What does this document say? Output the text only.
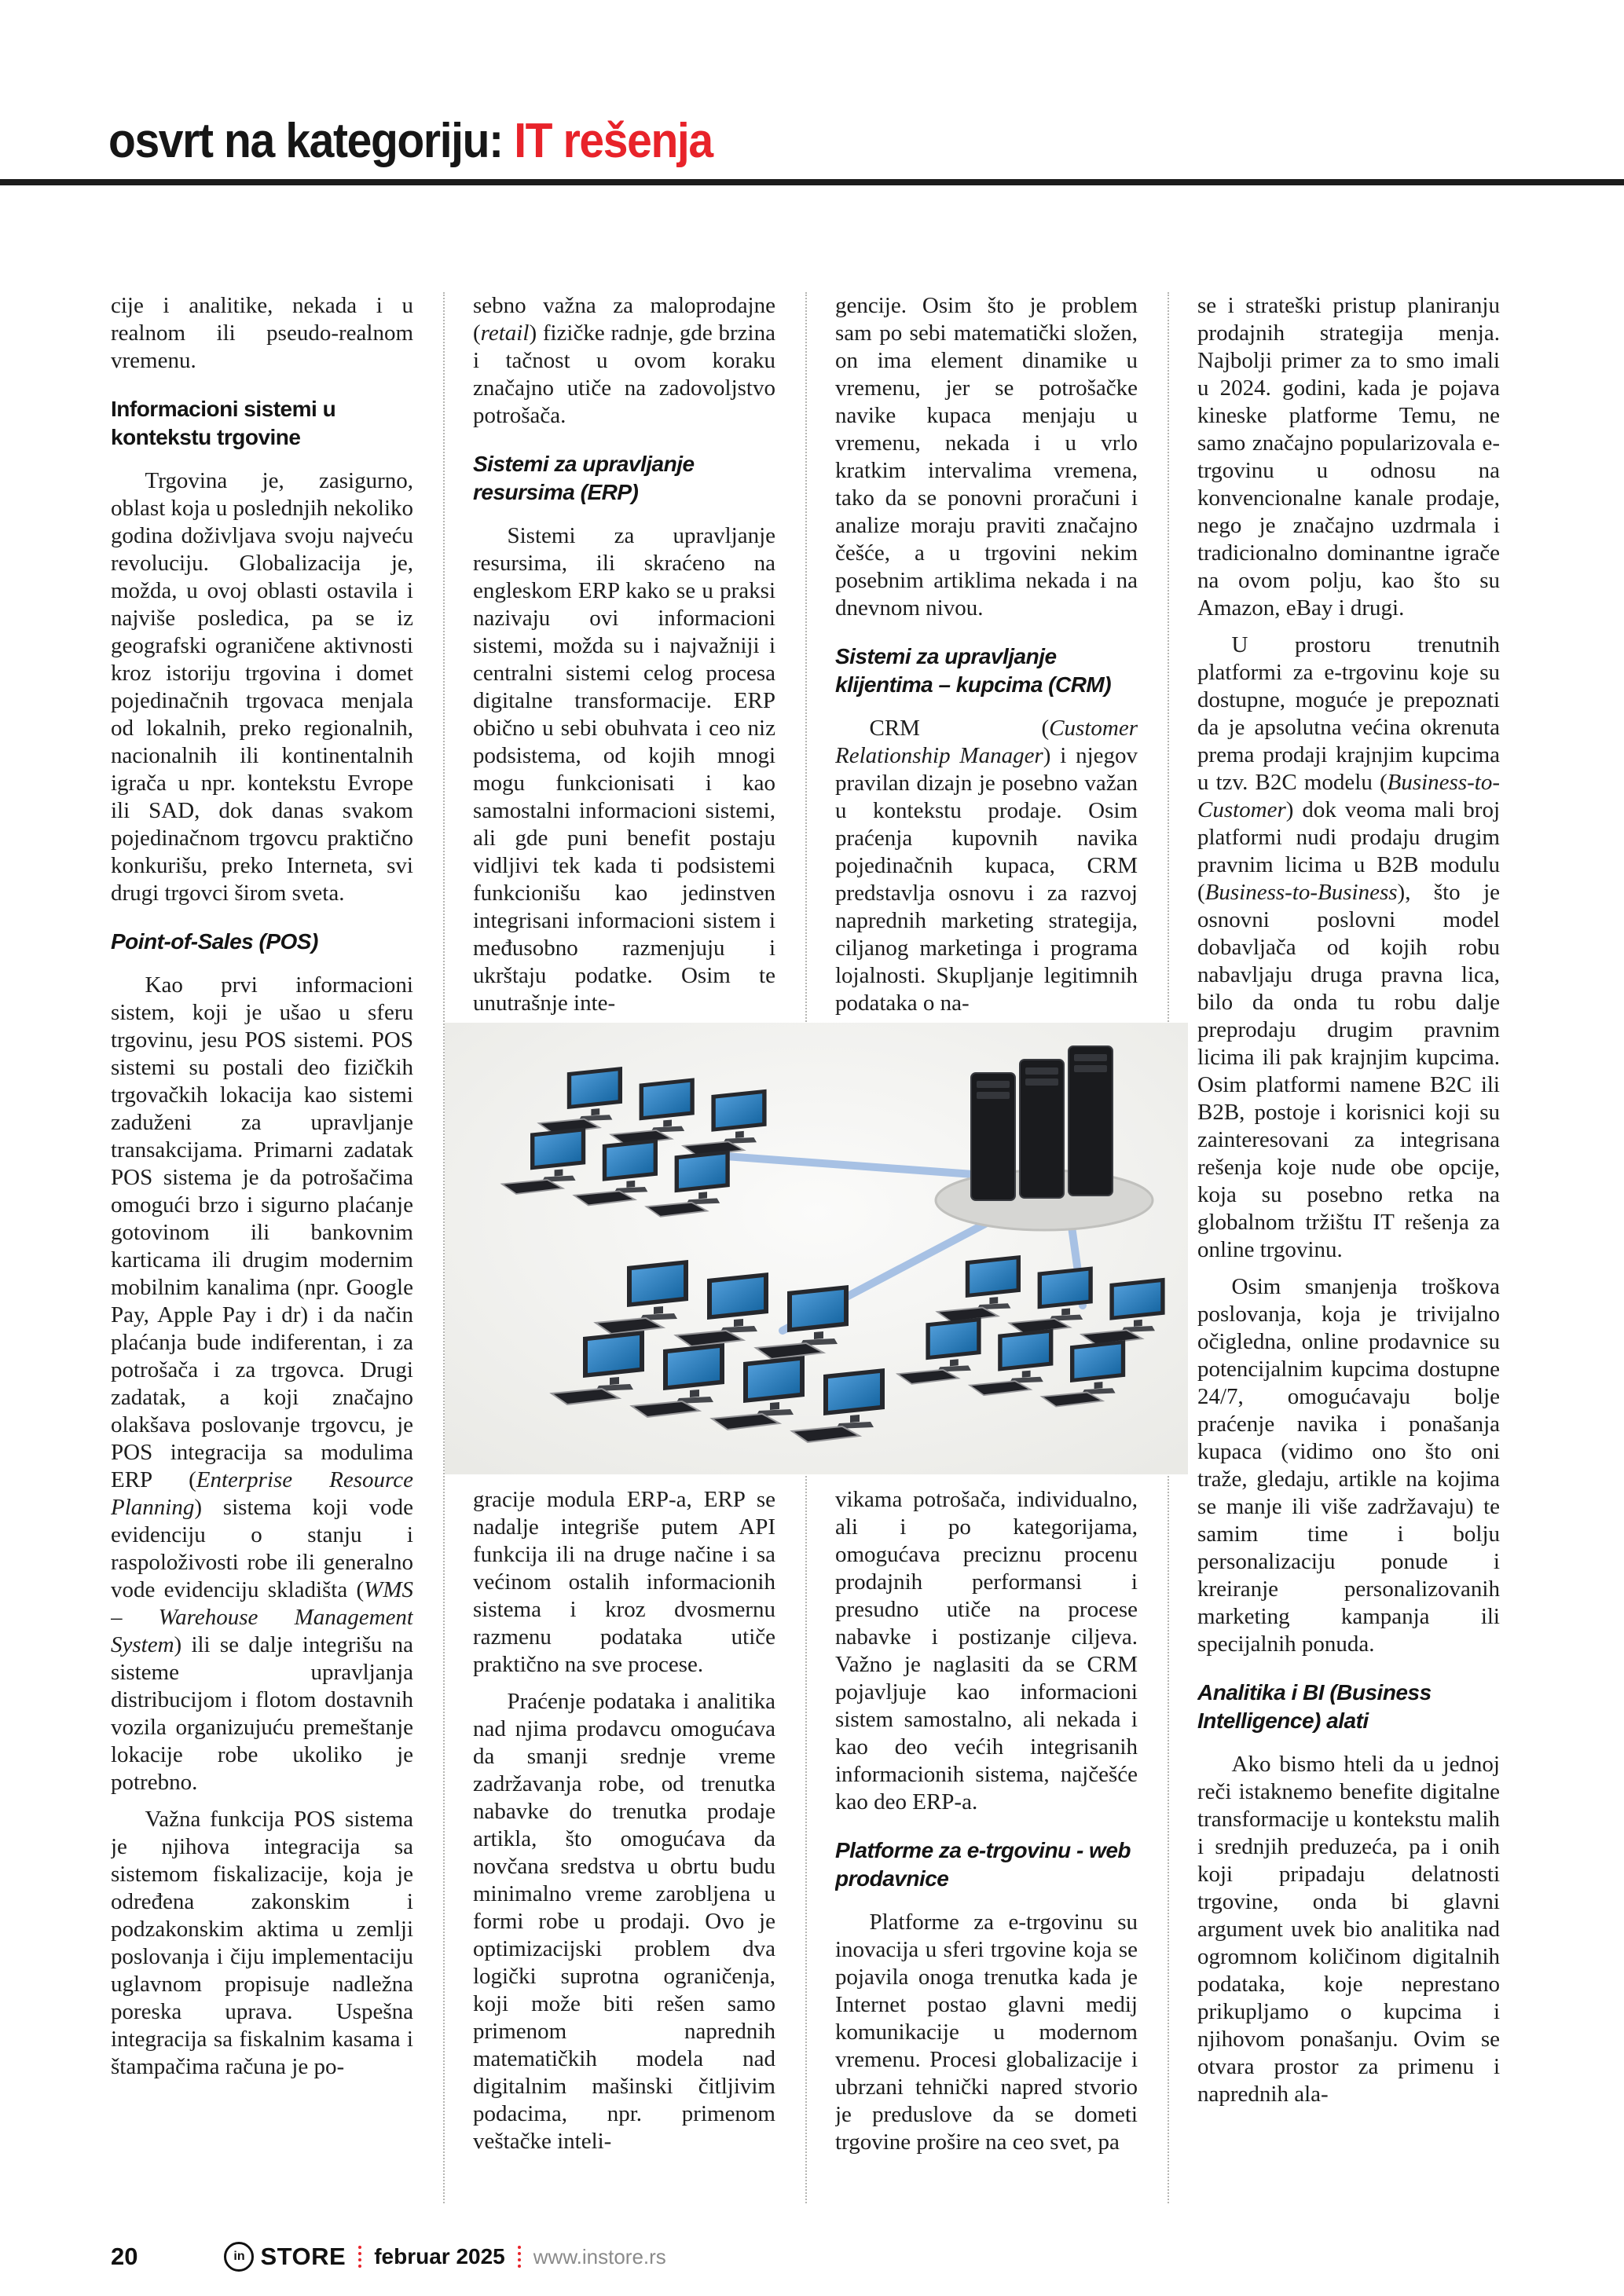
osvrt na kategoriju: IT rešenja

cije i analitike, nekada i u realnom ili pseudo-realnom vremenu.

Informacioni sistemi u kontekstu trgovine

Trgovina je, zasigurno, oblast koja u poslednjih nekoliko godina doživljava svoju najveću revoluciju. Globalizacija je, možda, u ovoj oblasti ostavila i najviše posledica, pa se iz geografski ograničene aktivnosti kroz istoriju trgovina i domet pojedinačnih trgovaca menjala od lokalnih, preko regionalnih, nacionalnih ili kontinentalnih igrača u npr. kontekstu Evrope ili SAD, dok danas svakom pojedinačnom trgovcu praktično konkurišu, preko Interneta, svi drugi trgovci širom sveta.

Point-of-Sales (POS)

Kao prvi informacioni sistem, koji je ušao u sferu trgovinu, jesu POS sistemi. POS sistemi su postali deo fizičkih trgovačkih lokacija kao sistemi zaduženi za upravljanje transakcijama. Primarni zadatak POS sistema je da potrošačima omogući brzo i sigurno plaćanje gotovinom ili bankovnim karticama ili drugim modernim mobilnim kanalima (npr. Google Pay, Apple Pay i dr) i da način plaćanja bude indiferentan, i za potrošača i za trgovca. Drugi zadatak, a koji značajno olakšava poslovanje trgovcu, je POS integracija sa modulima ERP (Enterprise Resource Planning) sistema koji vode evidenciju o stanju i raspoloživosti robe ili generalno vode evidenciju skladišta (WMS – Warehouse Management System) ili se dalje integrišu na sisteme upravljanja distribucijom i flotom dostavnih vozila organizujuću premeštanje lokacije robe ukoliko je potrebno.

Važna funkcija POS sistema je njihova integracija sa sistemom fiskalizacije, koja je određena zakonskim i podzakonskim aktima u zemlji poslovanja i čiju implementaciju uglavnom propisuje nadležna poreska uprava. Uspešna integracija sa fiskalnim kasama i štampačima računa je po-

sebno važna za maloprodajne (retail) fizičke radnje, gde brzina i tačnost u ovom koraku značajno utiče na zadovoljstvo potrošača.

Sistemi za upravljanje resursima (ERP)

Sistemi za upravljanje resursima, ili skraćeno na engleskom ERP kako se u praksi nazivaju ovi informacioni sistemi, možda su i najvažniji i centralni sistemi celog procesa digitalne transformacije. ERP obično u sebi obuhvata i ceo niz podsistema, od kojih mnogi mogu funkcionisati i kao samostalni informacioni sistemi, ali gde puni benefit postaju vidljivi tek kada ti podsistemi funkcionišu kao jedinstven integrisani informacioni sistem i međusobno razmenjuju i ukrštaju podatke. Osim te unutrašnje inte-

gracije modula ERP-a, ERP se nadalje integriše putem API funkcija ili na druge načine i sa većinom ostalih informacionih sistema i kroz dvosmernu razmenu podataka utiče praktično na sve procese.

Praćenje podataka i analitika nad njima prodavcu omogućava da smanji srednje vreme zadržavanja robe, od trenutka nabavke do trenutka prodaje artikla, što omogućava da novčana sredstva u obrtu budu minimalno vreme zarobljena u formi robe u prodaji. Ovo je optimizacijski problem dva logički suprotna ograničenja, koji može biti rešen samo primenom naprednih matematičkih modela nad digitalnim mašinski čitljivim podacima, npr. primenom veštačke inteli-

gencije. Osim što je problem sam po sebi matematički složen, on ima element dinamike u vremenu, jer se potrošačke navike kupaca menjaju u vremenu, nekada i u vrlo kratkim intervalima vremena, tako da se ponovni proračuni i analize moraju praviti značajno češće, a u trgovini nekim posebnim artiklima nekada i na dnevnom nivou.

Sistemi za upravljanje klijentima – kupcima (CRM)

CRM (Customer Relationship Manager) i njegov pravilan dizajn je posebno važan u kontekstu prodaje. Osim praćenja kupovnih navika pojedinačnih kupaca, CRM predstavlja osnovu i za razvoj naprednih marketing strategija, ciljanog marketinga i programa lojalnosti. Skupljanje legitimnih podataka o na-

vikama potrošača, individualno, ali i po kategorijama, omogućava preciznu procenu prodajnih performansi i presudno utiče na procese nabavke i postizanje ciljeva. Važno je naglasiti da se CRM pojavljuje kao informacioni sistem samostalno, ali nekada i kao deo većih integrisanih informacionih sistema, najčešće kao deo ERP-a.

Platforme za e-trgovinu - web prodavnice

Platforme za e-trgovinu su inovacija u sferi trgovine koja se pojavila onoga trenutka kada je Internet postao glavni medij komunikacije u modernom vremenu. Procesi globalizacije i ubrzani tehnički napred stvorio je preduslove da se dometi trgovine prošire na ceo svet, pa

se i strateški pristup planiranju prodajnih strategija menja. Najbolji primer za to smo imali u 2024. godini, kada je pojava kineske platforme Temu, ne samo značajno popularizovala e-trgovinu u odnosu na konvencionalne kanale prodaje, nego je značajno uzdrmala i tradicionalno dominantne igrače na ovom polju, kao što su Amazon, eBay i drugi.

U prostoru trenutnih platformi za e-trgovinu koje su dostupne, moguće je prepoznati da je apsolutna većina okrenuta prema prodaji krajnjim kupcima u tzv. B2C modelu (Business-to-Customer) dok veoma mali broj platformi nudi prodaju drugim pravnim licima u B2B modulu (Business-to-Business), što je osnovni poslovni model dobavljača od kojih robu nabavljaju druga pravna lica, bilo da onda tu robu dalje preprodaju drugim pravnim licima ili pak krajnjim kupcima. Osim platformi namene B2C ili B2B, postoje i korisnici koji su zainteresovani za integrisana rešenja koje nude obe opcije, koja su posebno retka na globalnom tržištu IT rešenja za online trgovinu.

Osim smanjenja troškova poslovanja, koja je trivijalno očigledna, online prodavnice su potencijalnim kupcima dostupne 24/7, omogućavaju bolje praćenje navika i ponašanja kupaca (vidimo ono što oni traže, gledaju, artikle na kojima se manje ili više zadržavaju) te samim time i bolju personalizaciju ponude i kreiranje personalizovanih marketing kampanja ili specijalnih ponuda.

Analitika i BI (Business Intelligence) alati

Ako bismo hteli da u jednoj reči istaknemo benefite digitalne transformacije u kontekstu malih i srednjih preduzeća, pa i onih koji pripadaju delatnosti trgovine, onda bi glavni argument uvek bio analitika nad ogromnom količinom digitalnih podataka, koje neprestano prikupljamo o kupcima i njihovom ponašanju. Ovim se otvara prostor za primenu i naprednih ala-

20	in STORE februar 2025 www.instore.rs
